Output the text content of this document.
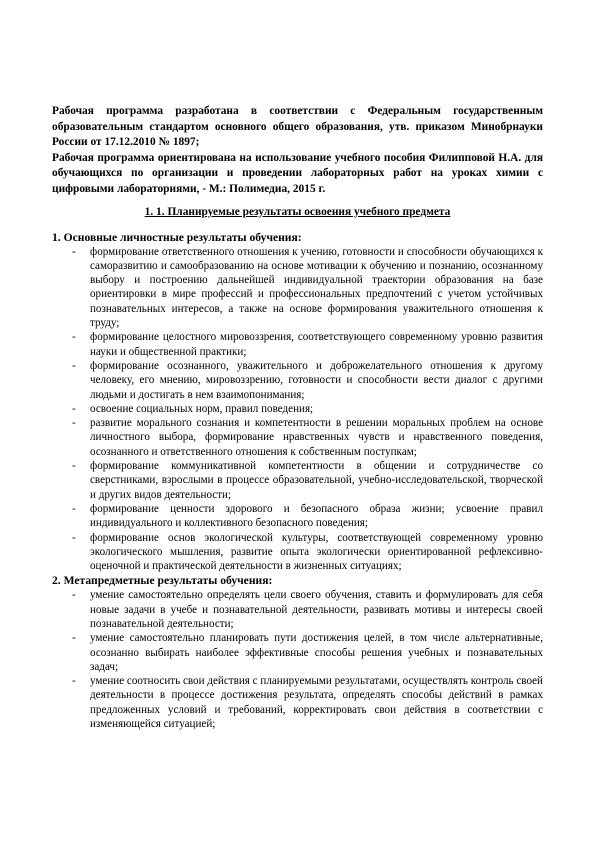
Рабочая программа разработана в соответствии с Федеральным государственным образовательным стандартом основного общего образования, утв. приказом Минобрнауки России от 17.12.2010 № 1897;

Рабочая программа ориентирована на использование учебного пособия Филипповой Н.А. для обучающихся по организации и проведении лабораторных работ на уроках химии с цифровыми лабораториями, - М.: Полимедиа, 2015 г.

1. 1. Планируемые результаты освоения учебного предмета
1. Основные личностные результаты обучения:
- формирование ответственного отношения к учению, готовности и способности обучающихся к саморазвитию и самообразованию на основе мотивации к обучению и познанию, осознанному выбору и построению дальнейшей индивидуальной траектории образования на базе ориентировки в мире профессий и профессиональных предпочтений с учетом устойчивых познавательных интересов, а также на основе формирования уважительного отношения к труду;
- формирование целостного мировоззрения, соответствующего современному уровню развития науки и общественной практики;
- формирование осознанного, уважительного и доброжелательного отношения к другому человеку, его мнению, мировоззрению, готовности и способности вести диалог с другими людьми и достигать в нем взаимопонимания;
- освоение социальных норм, правил поведения;
- развитие морального сознания и компетентности в решении моральных проблем на основе личностного выбора, формирование нравственных чувств и нравственного поведения, осознанного и ответственного отношения к собственным поступкам;
- формирование коммуникативной компетентности в общении и сотрудничестве со сверстниками, взрослыми в процессе образовательной, учебно-исследовательской, творческой и других видов деятельности;
- формирование ценности здорового и безопасного образа жизни; усвоение правил индивидуального и коллективного безопасного поведения;
- формирование основ экологической культуры, соответствующей современному уровню экологического мышления, развитие опыта экологически ориентированной рефлексивно-оценочной и практической деятельности в жизненных ситуациях;
2. Метапредметные результаты обучения:
- умение самостоятельно определять цели своего обучения, ставить и формулировать для себя новые задачи в учебе и познавательной деятельности, развивать мотивы и интересы своей познавательной деятельности;
- умение самостоятельно планировать пути достижения целей, в том числе альтернативные, осознанно выбирать наиболее эффективные способы решения учебных и познавательных задач;
- умение соотносить свои действия с планируемыми результатами, осуществлять контроль своей деятельности в процессе достижения результата, определять способы действий в рамках предложенных условий и требований, корректировать свои действия в соответствии с изменяющейся ситуацией;
